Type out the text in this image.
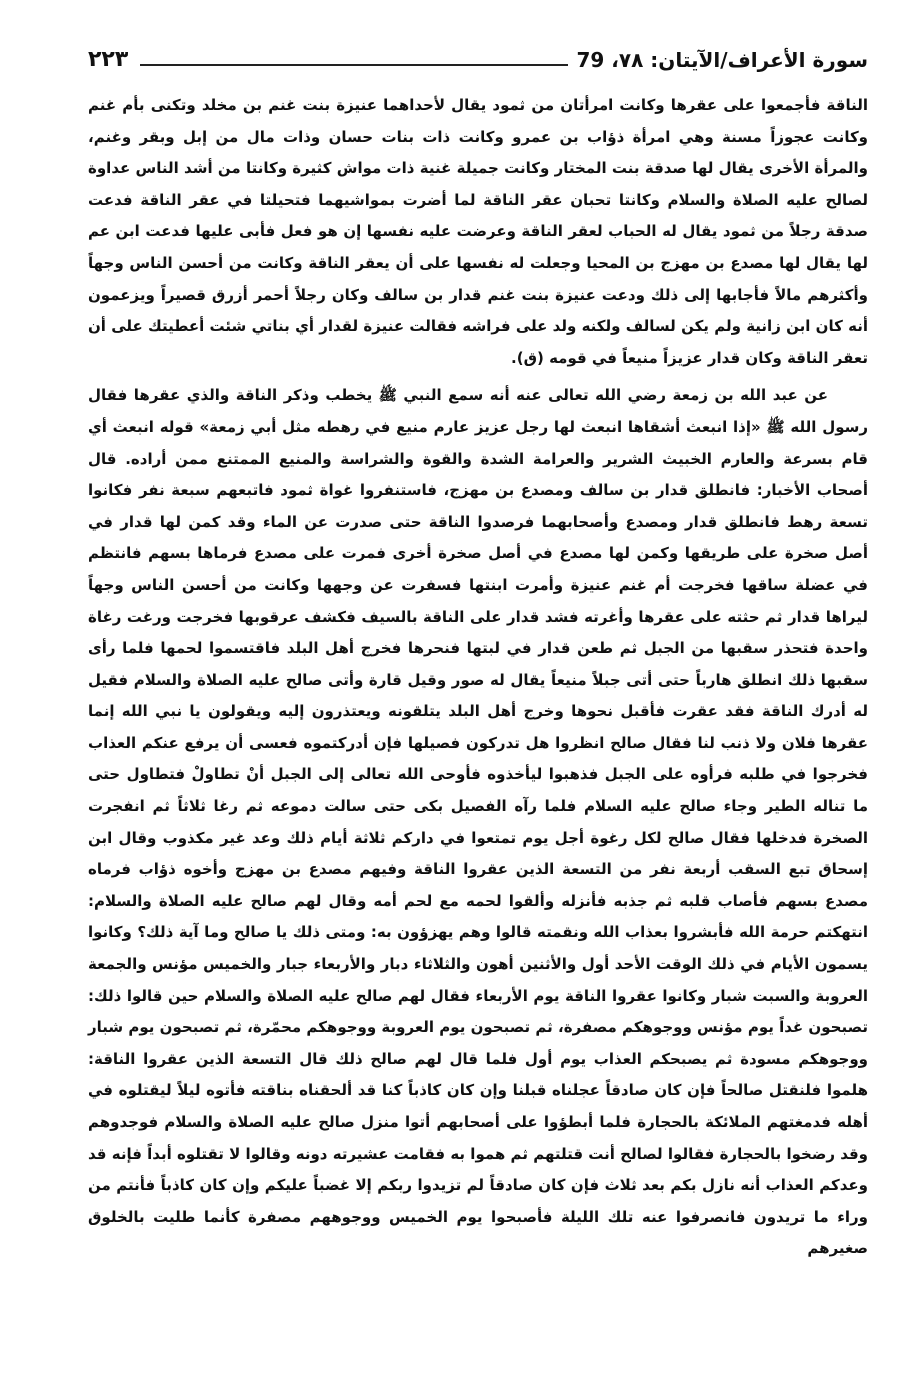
سورة الأعراف/الآيتان: ٧٨، 79
٢٢٣

الناقة فأجمعوا على عقرها وكانت امرأتان من ثمود يقال لأحداهما عنيزة بنت غنم بن مخلد وتكنى بأم غنم وكانت عجوزاً مسنة وهي امرأة ذؤاب بن عمرو وكانت ذات بنات حسان وذات مال من إبل وبقر وغنم، والمرأة الأخرى يقال لها صدقة بنت المختار وكانت جميلة غنية ذات مواش كثيرة وكانتا من أشد الناس عداوة لصالح عليه الصلاة والسلام وكانتا تحبان عقر الناقة لما أضرت بمواشيهما فتحيلتا في عقر الناقة فدعت صدقة رجلاً من ثمود يقال له الحباب لعقر الناقة وعرضت عليه نفسها إن هو فعل فأبى عليها فدعت ابن عم لها يقال لها مصدع بن مهزج بن المحيا وجعلت له نفسها على أن يعقر الناقة وكانت من أحسن الناس وجهاً وأكثرهم مالاً فأجابها إلى ذلك ودعت عنيزة بنت غنم قدار بن سالف وكان رجلاً أحمر أزرق قصيراً ويزعمون أنه كان ابن زانية ولم يكن لسالف ولكنه ولد على فراشه فقالت عنيزة لقدار أي بناتي شئت أعطيتك على أن تعقر الناقة وكان قدار عزيزاً منيعاً في قومه (ق).

عن عبد الله بن زمعة رضي الله تعالى عنه أنه سمع النبي ﷺ يخطب وذكر الناقة والذي عقرها فقال رسول الله ﷺ «إذا انبعث أشقاها انبعث لها رجل عزيز عارم منيع في رهطه مثل أبي زمعة» قوله انبعث أي قام بسرعة والعارم الخبيث الشرير والعرامة الشدة والقوة والشراسة والمنيع الممتنع ممن أراده. قال أصحاب الأخبار: فانطلق قدار بن سالف ومصدع بن مهزج، فاستنفروا غواة ثمود فاتبعهم سبعة نفر فكانوا تسعة رهط فانطلق قدار ومصدع وأصحابهما فرصدوا الناقة حتى صدرت عن الماء وقد كمن لها قدار في أصل صخرة على طريقها وكمن لها مصدع في أصل صخرة أخرى فمرت على مصدع فرماها بسهم فانتظم في عضلة ساقها فخرجت أم غنم عنيزة وأمرت ابنتها فسفرت عن وجهها وكانت من أحسن الناس وجهاً ليراها قدار ثم حثته على عقرها وأغرته فشد قدار على الناقة بالسيف فكشف عرقوبها فخرجت ورغت رغاة واحدة فتحذر سقبها من الجبل ثم طعن قدار في لبتها فنحرها فخرج أهل البلد فاقتسموا لحمها فلما رأى سقبها ذلك انطلق هارباً حتى أتى جبلاً منيعاً يقال له صور وقيل قارة وأتى صالح عليه الصلاة والسلام فقيل له أدرك الناقة فقد عقرت فأقبل نحوها وخرج أهل البلد يتلقونه ويعتذرون إليه ويقولون يا نبي الله إنما عقرها فلان ولا ذنب لنا فقال صالح انظروا هل تدركون فصيلها فإن أدركتموه فعسى أن يرفع عنكم العذاب فخرجوا في طلبه فرأوه على الجبل فذهبوا ليأخذوه فأوحى الله تعالى إلى الجبل أنْ تطاولْ فتطاول حتى ما تناله الطير وجاء صالح عليه السلام فلما رآه الفصيل بكى حتى سالت دموعه ثم رغا ثلاثاً ثم انفجرت الصخرة فدخلها فقال صالح لكل رغوة أجل يوم تمتعوا في داركم ثلاثة أيام ذلك وعد غير مكذوب وقال ابن إسحاق تبع السقب أربعة نفر من التسعة الذين عقروا الناقة وفيهم مصدع بن مهزج وأخوه ذؤاب فرماه مصدع بسهم فأصاب قلبه ثم جذبه فأنزله وألقوا لحمه مع لحم أمه وقال لهم صالح عليه الصلاة والسلام: انتهكتم حرمة الله فأبشروا بعذاب الله ونقمته قالوا وهم يهزؤون به: ومتى ذلك يا صالح وما آية ذلك؟ وكانوا يسمون الأيام في ذلك الوقت الأحد أول والأثنين أهون والثلاثاء دبار والأربعاء جبار والخميس مؤنس والجمعة العروبة والسبت شبار وكانوا عقروا الناقة يوم الأربعاء فقال لهم صالح عليه الصلاة والسلام حين قالوا ذلك: تصبحون غداً يوم مؤنس ووجوهكم مصفرة، ثم تصبحون يوم العروبة ووجوهكم محمّرة، ثم تصبحون يوم شبار ووجوهكم مسودة ثم يصبحكم العذاب يوم أول فلما قال لهم صالح ذلك قال التسعة الذين عقروا الناقة: هلموا فلنقتل صالحاً فإن كان صادقاً عجلناه قبلنا وإن كان كاذباً كنا قد ألحقناه بناقته فأتوه ليلاً ليقتلوه في أهله فدمغتهم الملائكة بالحجارة فلما أبطؤوا على أصحابهم أتوا منزل صالح عليه الصلاة والسلام فوجدوهم وقد رضخوا بالحجارة فقالوا لصالح أنت قتلتهم ثم هموا به فقامت عشيرته دونه وقالوا لا تقتلوه أبداً فإنه قد وعدكم العذاب أنه نازل بكم بعد ثلاث فإن كان صادقاً لم تزيدوا ربكم إلا غضباً عليكم وإن كان كاذباً فأنتم من وراء ما تريدون فانصرفوا عنه تلك الليلة فأصبحوا يوم الخميس ووجوههم مصفرة كأنما طليت بالخلوق صغيرهم
